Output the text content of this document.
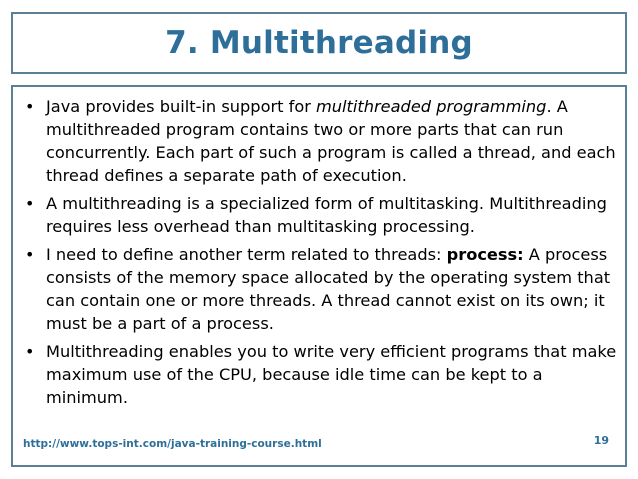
7. Multithreading
• Java provides built-in support for multithreaded programming. A multithreaded program contains two or more parts that can run concurrently. Each part of such a program is called a thread, and each thread defines a separate path of execution.
• A multithreading is a specialized form of multitasking. Multithreading requires less overhead than multitasking processing.
• I need to define another term related to threads: process: A process consists of the memory space allocated by the operating system that can contain one or more threads. A thread cannot exist on its own; it must be a part of a process.
• Multithreading enables you to write very efficient programs that make maximum use of the CPU, because idle time can be kept to a minimum.
http://www.tops-int.com/java-training-course.html	19
